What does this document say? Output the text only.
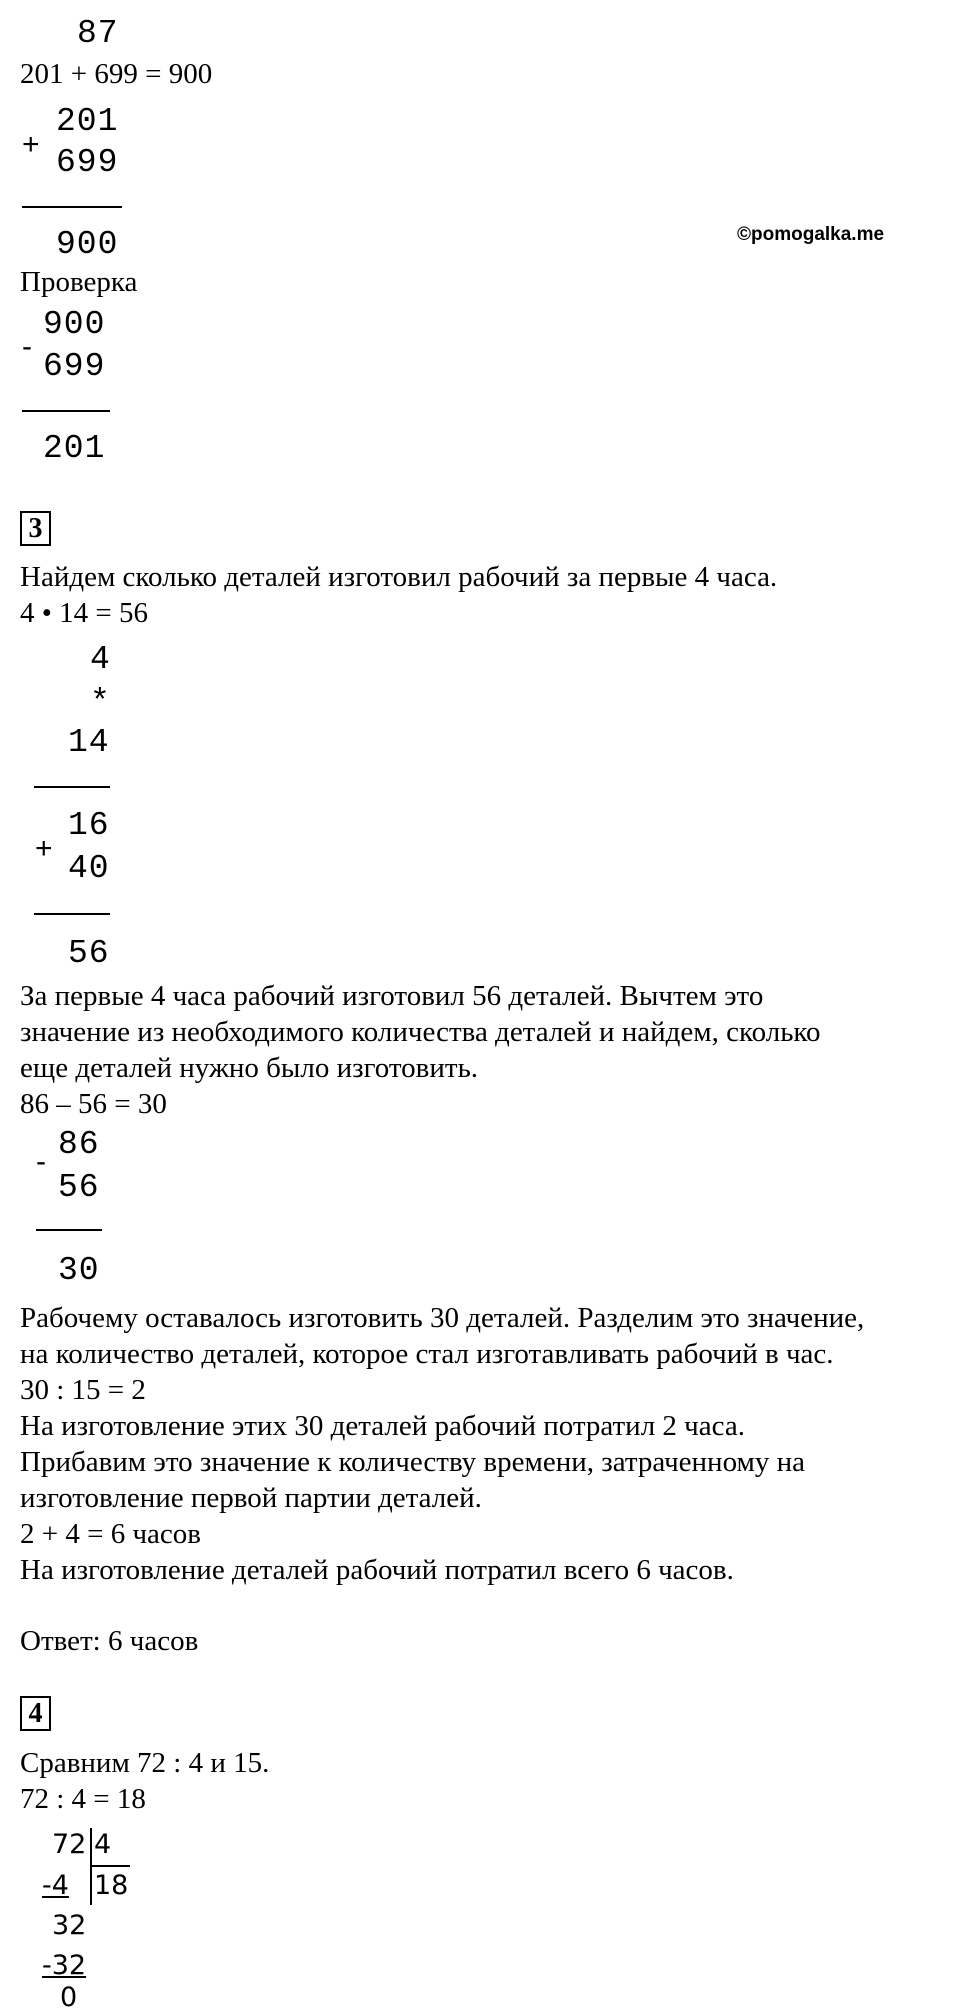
87
201 + 699 = 900
+
201
699
900	©pomogalka.me
Проверка
-
900
699
201
3
Найдем сколько деталей изготовил рабочий за первые 4 часа.
4 • 14 = 56
4
*
14
+
16
40
56
За первые 4 часа рабочий изготовил 56 деталей. Вычтем это
значение из необходимого количества деталей и найдем, сколько
еще деталей нужно было изготовить.
86 – 56 = 30
- 86
56
30
Рабочему оставалось изготовить 30 деталей. Разделим это значение,
на количество деталей, которое стал изготавливать рабочий в час.
30 : 15 = 2
На изготовление этих 30 деталей рабочий потратил 2 часа.
Прибавим это значение к количеству времени, затраченному на
изготовление первой партии деталей.
2 + 4 = 6 часов
На изготовление деталей рабочий потратил всего 6 часов.
Ответ: 6 часов
4
Сравним 72 : 4 и 15.
72 : 4 = 18
72 4
-4 18
32
-32
0
